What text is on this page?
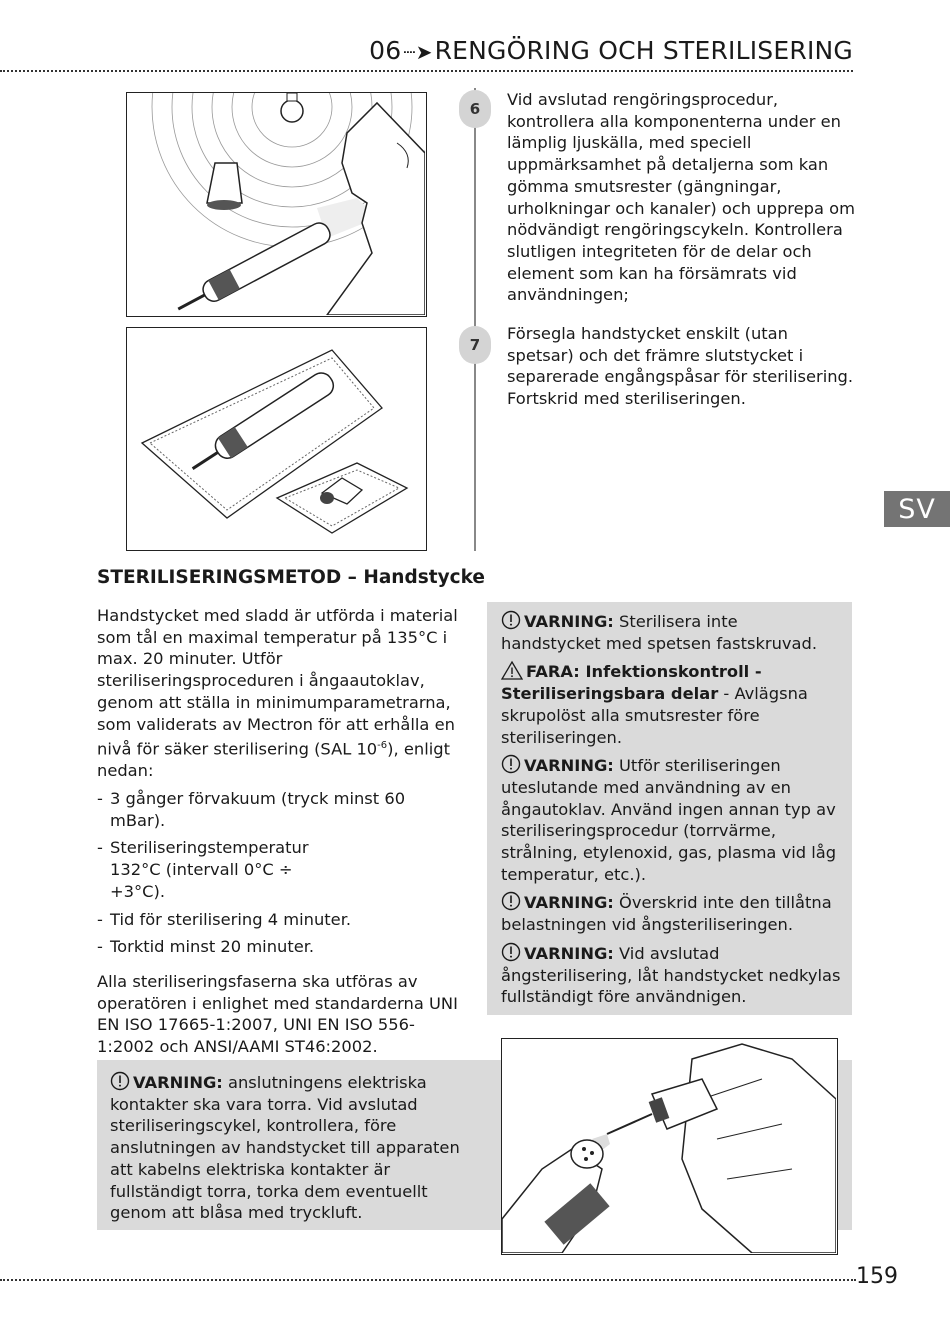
06 ┈➤RENGÖRING OCH STERILISERING
6	Vid avslutad rengöringsprocedur, kontrollera alla komponenterna under en lämplig ljuskälla, med speciell uppmärksamhet på detaljerna som kan gömma smutsrester (gängningar, urholkningar och kanaler) och upprepa om nödvändigt rengöringscykeln. Kontrollera slutligen integriteten för de delar och element som kan ha försämrats vid användningen;
7
Försegla handstycket enskilt (utan spetsar) och det främre slutstycket i separerade engångspåsar för sterilisering. Fortskrid med steriliseringen.
SV
STERILISERINGSMETOD – Handstycke
Handstycket med sladd är utförda i material som tål en maximal temperatur på 135°C i max. 20 minuter. Utför steriliseringsproceduren i ångaautoklav, genom att ställa in minimumparametrarna, som validerats av Mectron för att erhålla en nivå för säker sterilisering (SAL $10^{-6}$), enligt nedan:
- 3 gånger förvakuum (tryck minst 60 mBar).
- Steriliseringstemperatur 132°C (intervall 0°C ÷ +3°C).
- Tid för sterilisering 4 minuter.
- Torktid minst 20 minuter.
Alla steriliseringsfaserna ska utföras av operatören i enlighet med standarderna UNI EN ISO 17665-1:2007, UNI EN ISO 556-1:2002 och ANSI/AAMI ST46:2002.

VARNING: Sterilisera inte handstycket med spetsen fastskruvad.

FARA: Infektionskontroll - Steriliseringsbara delar - Avlägsna skrupolöst alla smutsrester före steriliseringen.

VARNING: Utför steriliseringen uteslutande med användning av en ångautoklav. Använd ingen annan typ av steriliseringsprocedur (torrvärme, strålning, etylenoxid, gas, plasma vid låg temperatur, etc.).

VARNING: Överskrid inte den tillåtna belastningen vid ångsteriliseringen.

VARNING: Vid avslutad ångsterilisering, låt handstycket nedkylas fullständigt före användnigen.

VARNING: anslutningens elektriska kontakter ska vara torra. Vid avslutad steriliseringscykel, kontrollera, före anslutningen av handstycket till apparaten att kabelns elektriska kontakter är fullständigt torra, torka dem eventuellt genom att blåsa med tryckluft.
159
